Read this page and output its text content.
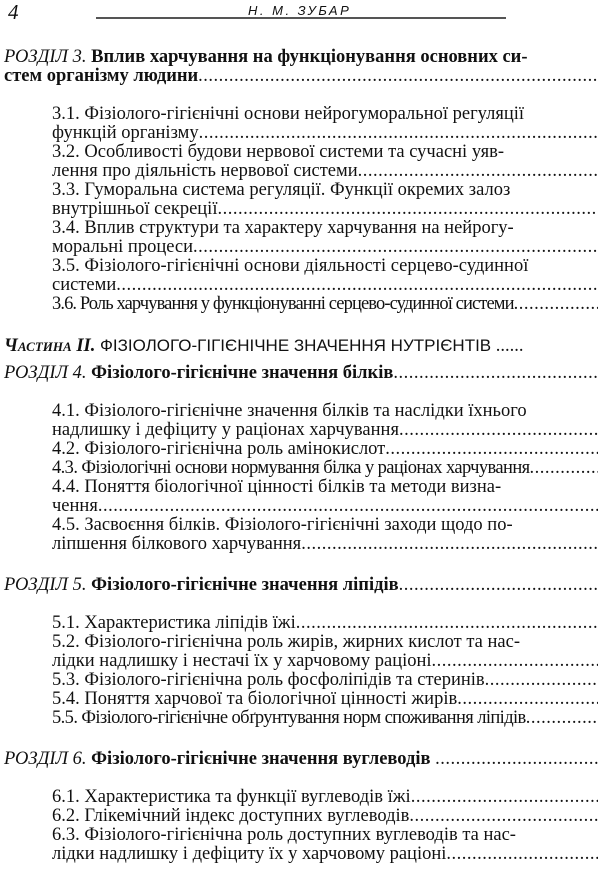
4	Н. М. ЗУБАР
РОЗДІЛ 3.
Вплив харчування на функціонування основних си-
стем організму людини
.....
3.1. Фізіолого-гігієнічні основи нейрогуморальної регуляції
функцій організму
.....
3.2. Особливості будови нервової системи та сучасні уяв-
лення про діяльність нервової системи
.....
3.3. Гуморальна система регуляції. Функції окремих залоз
внутрішньої секреції
.....
3.4. Вплив структури та характеру харчування на нейрогу-
моральні процеси
.....
3.5. Фізіолого-гігієнічні основи діяльності серцево-судинної
системи
.....
3.6. Роль харчування у функціонуванні серцево-судинної системи
.....
Частина II.
ФІЗІОЛОГО-ГІГІЄНІЧНЕ ЗНАЧЕННЯ НУТРІЄНТІВ
......
РОЗДІЛ 4.
Фізіолого-гігієнічне значення білків
.....
4.1. Фізіолого-гігієнічне значення білків та наслідки їхнього
надлишку і дефіциту у раціонах харчування
.....
4.2. Фізіолого-гігієнічна роль амінокислот
.....
4.3. Фізіологічні основи нормування білка у раціонах харчування
.....
4.4. Поняття біологічної цінності білків та методи визна-
чення
.....
4.5. Засвоєння білків. Фізіолого-гігієнічні заходи щодо по-
ліпшення білкового харчування
.....
РОЗДІЛ 5.
Фізіолого-гігієнічне значення ліпідів
.....
5.1. Характеристика ліпідів їжі
.....
5.2. Фізіолого-гігієнічна роль жирів, жирних кислот та нас-
лідки надлишку і нестачі їх у харчовому раціоні
.....
5.3. Фізіолого-гігієнічна роль фосфоліпідів та стеринів
.....
5.4. Поняття харчової та біологічної цінності жирів
.....
5.5. Фізіолого-гігієнічне обґрунтування норм споживання ліпідів
.....
РОЗДІЛ 6.
Фізіолого-гігієнічне значення вуглеводів

.....
6.1. Характеристика та функції вуглеводів їжі
.....
6.2. Глікемічний індекс доступних вуглеводів
.....
6.3. Фізіолого-гігієнічна роль доступних вуглеводів та нас-
лідки надлишку і дефіциту їх у харчовому раціоні
.....
